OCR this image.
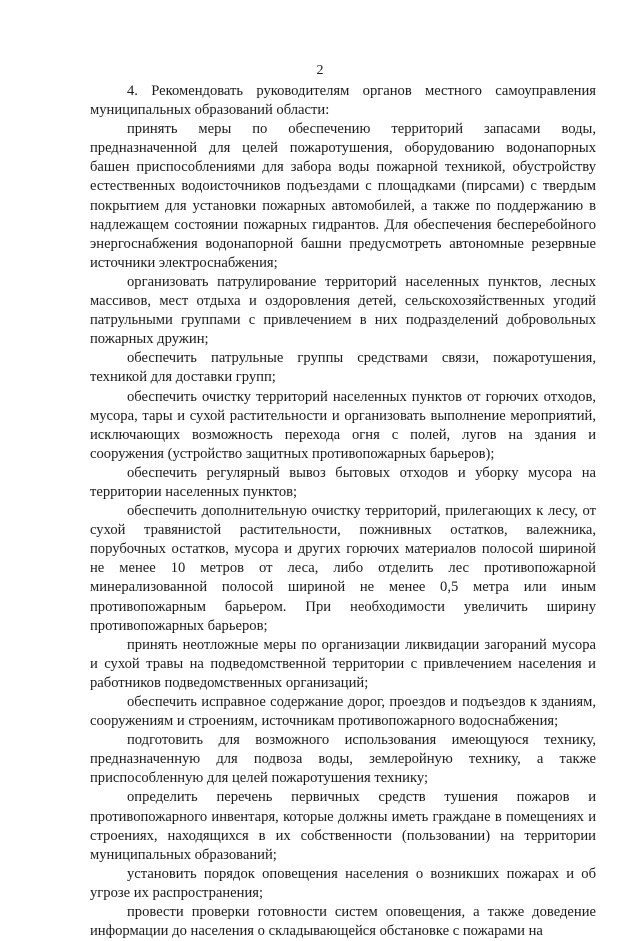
2

4. Рекомендовать руководителям органов местного самоуправления муниципальных образований области:

принять меры по обеспечению территорий запасами воды, предназначенной для целей пожаротушения, оборудованию водонапорных башен приспособлениями для забора воды пожарной техникой, обустройству естественных водоисточников подъездами с площадками (пирсами) с твердым покрытием для установки пожарных автомобилей, а также по поддержанию в надлежащем состоянии пожарных гидрантов. Для обеспечения бесперебойного энергоснабжения водонапорной башни предусмотреть автономные резервные источники электроснабжения;

организовать патрулирование территорий населенных пунктов, лесных массивов, мест отдыха и оздоровления детей, сельскохозяйственных угодий патрульными группами с привлечением в них подразделений добровольных пожарных дружин;

обеспечить патрульные группы средствами связи, пожаротушения, техникой для доставки групп;

обеспечить очистку территорий населенных пунктов от горючих отходов, мусора, тары и сухой растительности и организовать выполнение мероприятий, исключающих возможность перехода огня с полей, лугов на здания и сооружения (устройство защитных противопожарных барьеров);

обеспечить регулярный вывоз бытовых отходов и уборку мусора на территории населенных пунктов;

обеспечить дополнительную очистку территорий, прилегающих к лесу, от сухой травянистой растительности, пожнивных остатков, валежника, порубочных остатков, мусора и других горючих материалов полосой шириной не менее 10 метров от леса, либо отделить лес противопожарной минерализованной полосой шириной не менее 0,5 метра или иным противопожарным барьером. При необходимости увеличить ширину противопожарных барьеров;

принять неотложные меры по организации ликвидации загораний мусора и сухой травы на подведомственной территории с привлечением населения и работников подведомственных организаций;

обеспечить исправное содержание дорог, проездов и подъездов к зданиям, сооружениям и строениям, источникам противопожарного водоснабжения;

подготовить для возможного использования имеющуюся технику, предназначенную для подвоза воды, землеройную технику, а также приспособленную для целей пожаротушения технику;

определить перечень первичных средств тушения пожаров и противопожарного инвентаря, которые должны иметь граждане в помещениях и строениях, находящихся в их собственности (пользовании) на территории муниципальных образований;

установить порядок оповещения населения о возникших пожарах и об угрозе их распространения;

провести проверки готовности систем оповещения, а также доведение информации до населения о складывающейся обстановке с пожарами на
